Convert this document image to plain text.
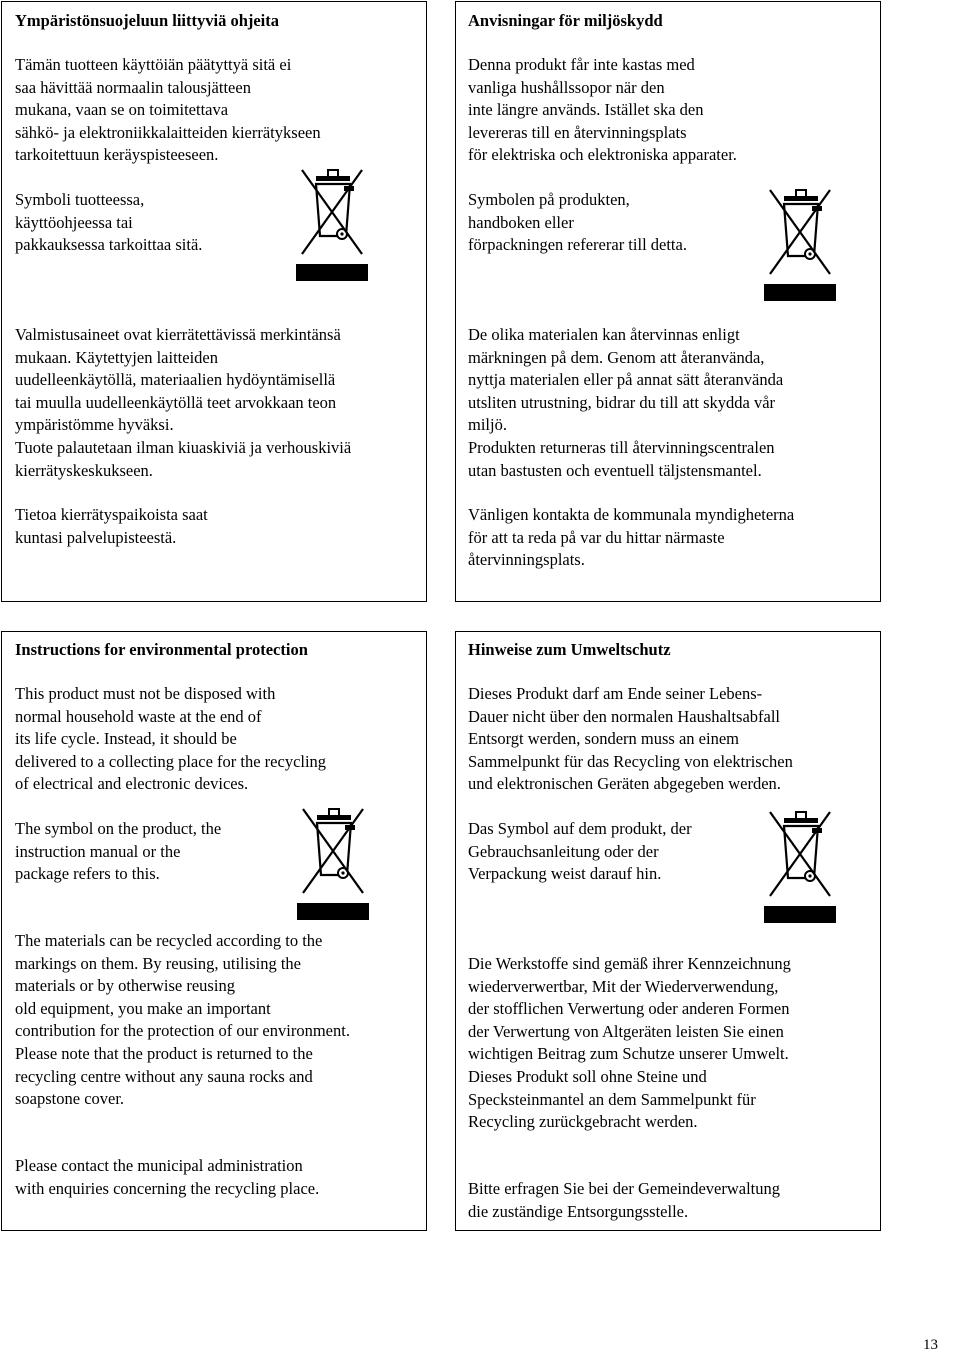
Ympäristönsuojeluun liittyviä ohjeita

Tämän tuotteen käyttöiän päätyttyä sitä ei
saa hävittää normaalin talousjätteen
mukana, vaan se on toimitettava
sähkö- ja elektroniikkalaitteiden kierrätykseen
tarkoitettuun keräyspisteeseen.

Symboli tuotteessa,
käyttöohjeessa tai
pakkauksessa tarkoittaa sitä.

Valmistusaineet ovat kierrätettävissä merkintänsä
mukaan. Käytettyjen laitteiden
uudelleenkäytöllä, materiaalien hydöyntämisellä
tai muulla uudelleenkäytöllä teet arvokkaan teon
ympäristömme hyväksi.
Tuote palautetaan ilman kiuaskiviä ja verhouskiviä
kierrätyskeskukseen.

Tietoa kierrätyspaikoista saat
kuntasi palvelupisteestä.

Anvisningar för miljöskydd

Denna produkt får inte kastas med
vanliga hushållssopor när den
inte längre används. Istället ska den
levereras till en återvinningsplats
för elektriska och elektroniska apparater.

Symbolen på produkten,
handboken eller
förpackningen refererar till detta.

De olika materialen kan återvinnas enligt
märkningen på dem. Genom att återanvända,
nyttja materialen eller på annat sätt återanvända
utsliten utrustning, bidrar du till att skydda vår
miljö.
Produkten returneras till återvinningscentralen
utan bastusten och eventuell täljstensmantel.

Vänligen kontakta de kommunala myndigheterna
för att ta reda på var du hittar närmaste
återvinningsplats.

Instructions for environmental protection

This product must not be disposed with
normal household waste at the end of
its life cycle. Instead, it should be
delivered to a collecting place for the recycling
of electrical and electronic devices.

The symbol on the product, the
instruction manual or the
package refers to this.

The materials can be recycled according to the
markings on them. By reusing, utilising the
materials or by otherwise reusing
old equipment, you make an important
contribution for the protection of our environment.
Please note that the product is returned to the
recycling centre without any sauna rocks and
soapstone cover.

Please contact the municipal administration
with enquiries concerning the recycling place.

Hinweise zum Umweltschutz

Dieses Produkt darf am Ende seiner Lebens-
Dauer nicht über den normalen Haushaltsabfall
Entsorgt werden, sondern muss an einem
Sammelpunkt für das Recycling von elektrischen
und elektronischen Geräten abgegeben werden.

Das Symbol auf dem produkt, der
Gebrauchsanleitung oder der
Verpackung weist darauf hin.

Die Werkstoffe sind gemäß ihrer Kennzeichnung
wiederverwertbar, Mit der Wiederverwendung,
der stofflichen Verwertung oder anderen Formen
der Verwertung von Altgeräten leisten Sie einen
wichtigen Beitrag zum Schutze unserer Umwelt.
Dieses Produkt soll ohne Steine und
Specksteinmantel an dem Sammelpunkt für
Recycling zurückgebracht werden.

Bitte erfragen Sie bei der Gemeindeverwaltung
die zuständige Entsorgungsstelle.

13
